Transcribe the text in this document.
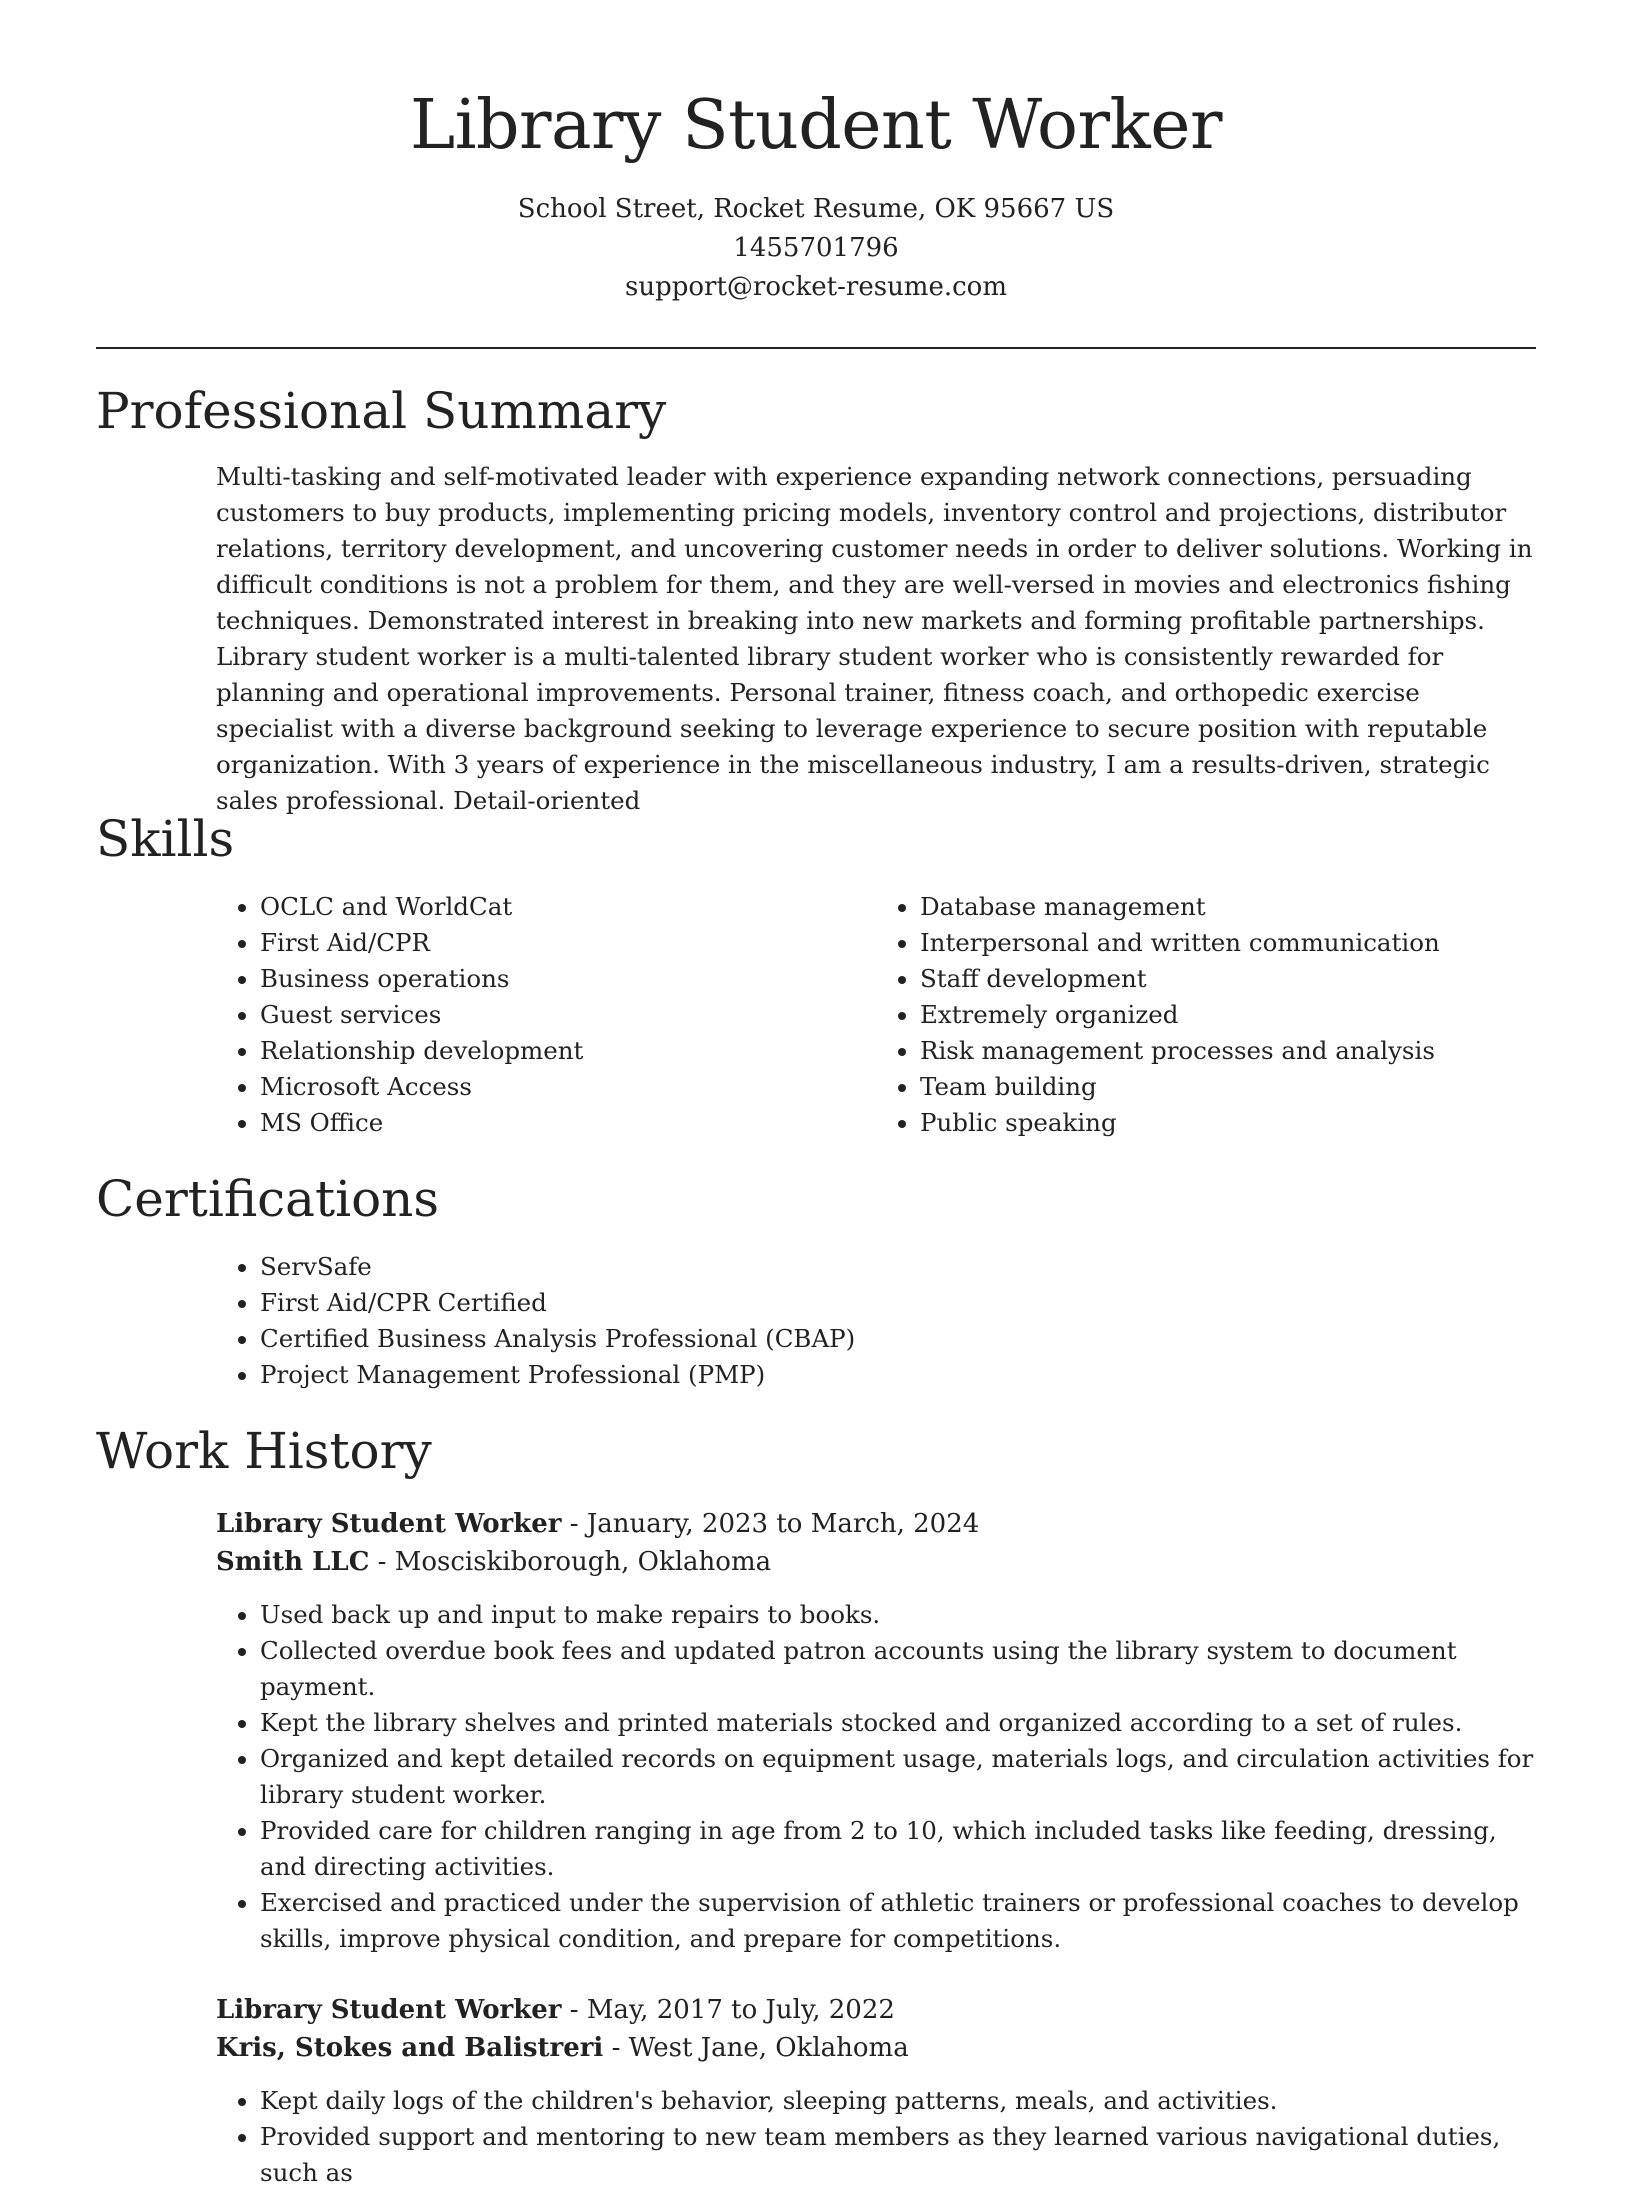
Library Student Worker
School Street, Rocket Resume, OK 95667 US
1455701796
support@rocket-resume.com
Professional Summary
Multi-tasking and self-motivated leader with experience expanding network connections, persuading customers to buy products, implementing pricing models, inventory control and projections, distributor relations, territory development, and uncovering customer needs in order to deliver solutions. Working in difficult conditions is not a problem for them, and they are well-versed in movies and electronics fishing techniques. Demonstrated interest in breaking into new markets and forming profitable partnerships. Library student worker is a multi-talented library student worker who is consistently rewarded for planning and operational improvements. Personal trainer, fitness coach, and orthopedic exercise specialist with a diverse background seeking to leverage experience to secure position with reputable organization. With 3 years of experience in the miscellaneous industry, I am a results-driven, strategic sales professional. Detail-oriented
Skills
• OCLC and WorldCat
• First Aid/CPR
• Business operations
• Guest services
• Relationship development
• Microsoft Access
• MS Office
• Database management
• Interpersonal and written communication
• Staff development
• Extremely organized
• Risk management processes and analysis
• Team building
• Public speaking
Certifications
• ServSafe
• First Aid/CPR Certified
• Certified Business Analysis Professional (CBAP)
• Project Management Professional (PMP)
Work History
Library Student Worker - January, 2023 to March, 2024
Smith LLC - Mosciskiborough, Oklahoma
• Used back up and input to make repairs to books.
• Collected overdue book fees and updated patron accounts using the library system to document payment.
• Kept the library shelves and printed materials stocked and organized according to a set of rules.
• Organized and kept detailed records on equipment usage, materials logs, and circulation activities for library student worker.
• Provided care for children ranging in age from 2 to 10, which included tasks like feeding, dressing, and directing activities.
• Exercised and practiced under the supervision of athletic trainers or professional coaches to develop skills, improve physical condition, and prepare for competitions.
Library Student Worker - May, 2017 to July, 2022
Kris, Stokes and Balistreri - West Jane, Oklahoma
• Kept daily logs of the children's behavior, sleeping patterns, meals, and activities.
• Provided support and mentoring to new team members as they learned various navigational duties, such as
